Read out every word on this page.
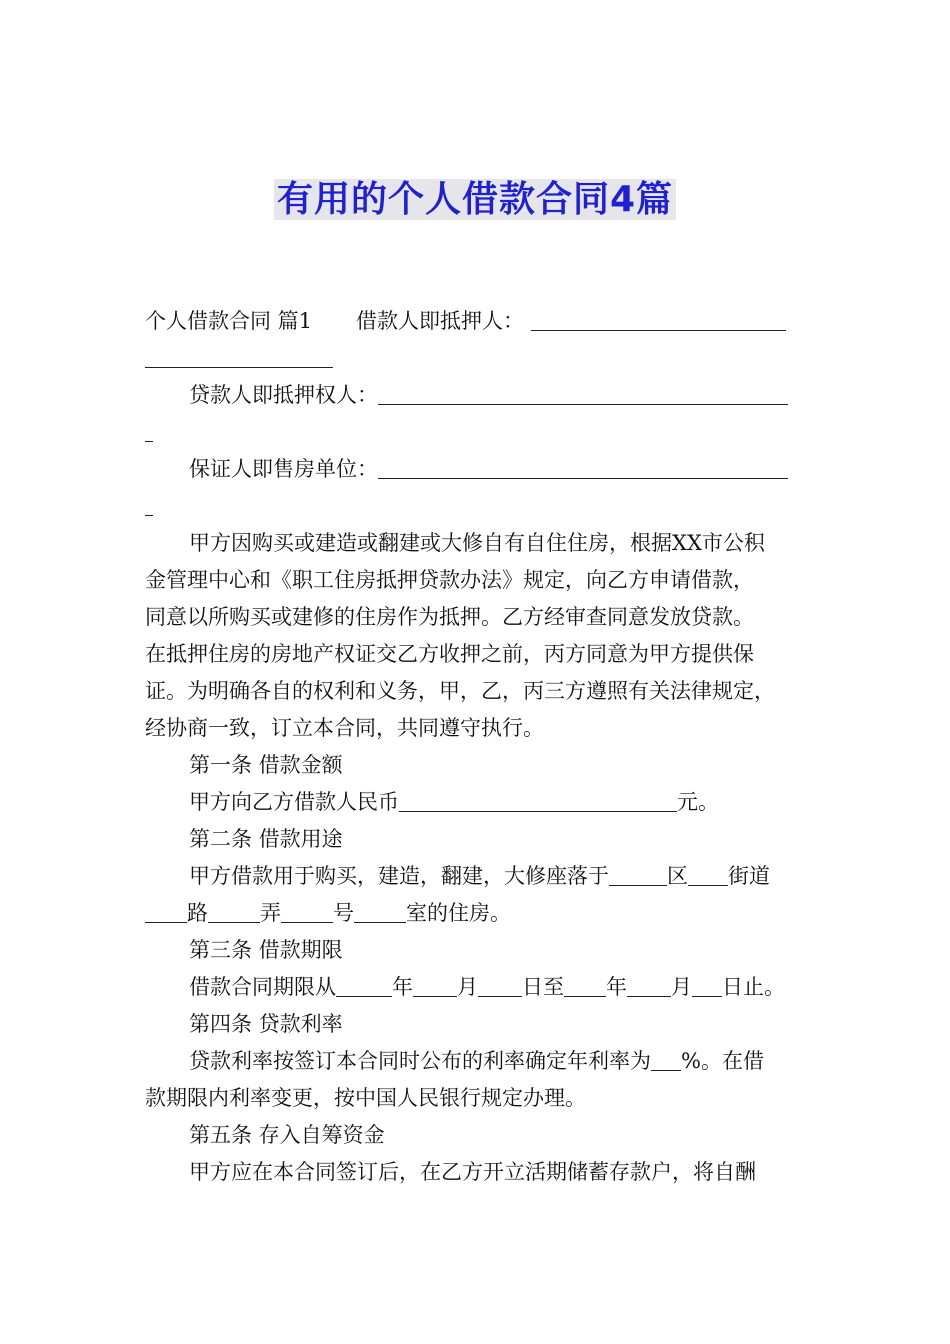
有用的个人借款合同4篇
个人借款合同 篇1 借款人即抵押人：
贷款人即抵押权人：
保证人即售房单位：
甲方因购买或建造或翻建或大修自有自住住房，根据XX市公积
金管理中心和《职工住房抵押贷款办法》规定，向乙方申请借款，
同意以所购买或建修的住房作为抵押。乙方经审查同意发放贷款。
在抵押住房的房地产权证交乙方收押之前，丙方同意为甲方提供保
证。为明确各自的权利和义务，甲，乙，丙三方遵照有关法律规定，
经协商一致，订立本合同，共同遵守执行。
第一条 借款金额
甲方向乙方借款人民币	元。
第二条 借款用途
甲方借款用于购买，建造，翻建，大修座落于	区 街道
路 弄 号 室的住房。
第三条 借款期限
借款合同期限从	年 月 日至 年 月 日止。
第四条 贷款利率
贷款利率按签订本合同时公布的利率确定年利率为 %。在借
款期限内利率变更，按中国人民银行规定办理。
第五条 存入自筹资金
甲方应在本合同签订后，在乙方开立活期储蓄存款户，将自酬
